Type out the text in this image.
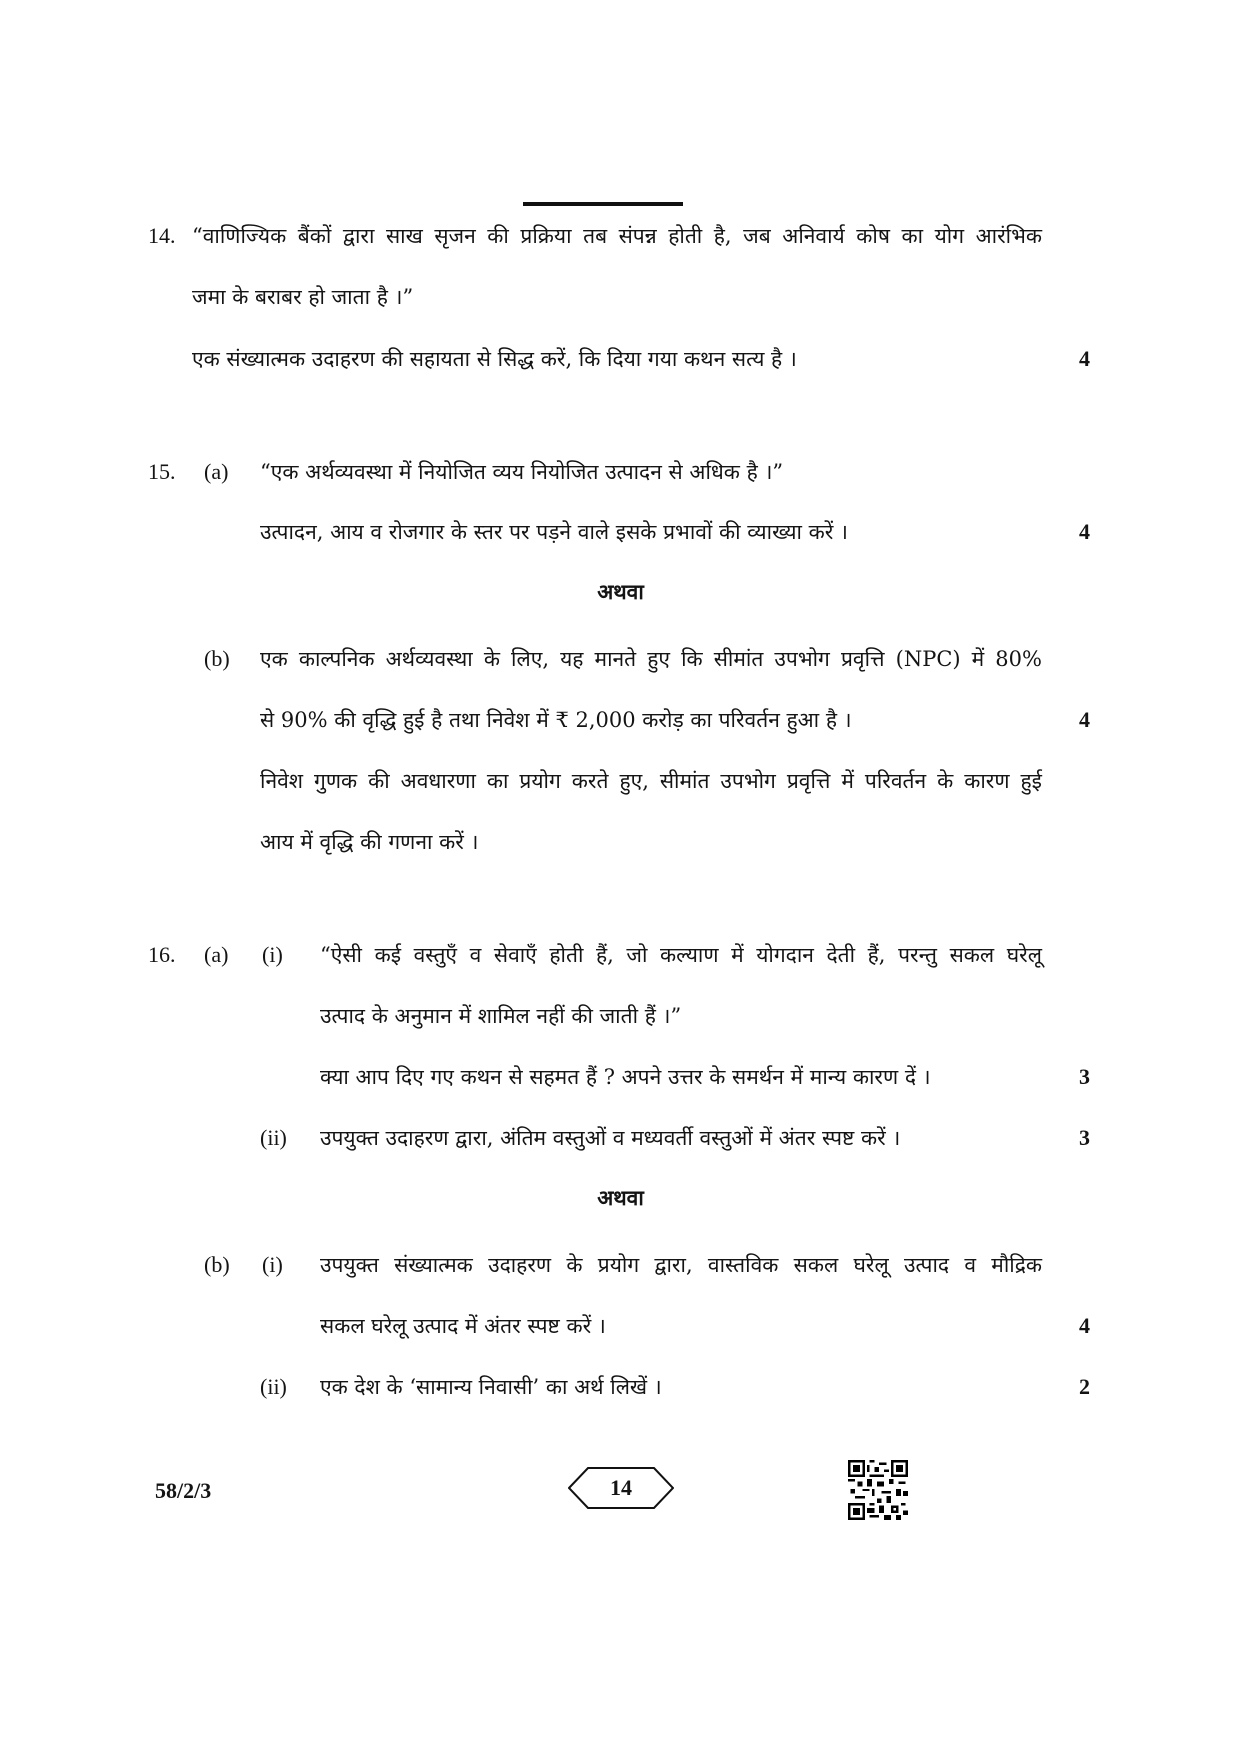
14. “वाणिज्यिक बैंकों द्वारा साख सृजन की प्रक्रिया तब संपन्न होती है, जब अनिवार्य कोष का योग आरंभिक
जमा के बराबर हो जाता है ।”
एक संख्यात्मक उदाहरण की सहायता से सिद्ध करें, कि दिया गया कथन सत्य है ।	4
15. (a) “एक अर्थव्यवस्था में नियोजित व्यय नियोजित उत्पादन से अधिक है ।”
उत्पादन, आय व रोजगार के स्तर पर पड़ने वाले इसके प्रभावों की व्याख्या करें ।	4
अथवा
(b) एक काल्पनिक अर्थव्यवस्था के लिए, यह मानते हुए कि सीमांत उपभोग प्रवृत्ति (NPC) में 80%
से 90% की वृद्धि हुई है तथा निवेश में ₹ 2,000 करोड़ का परिवर्तन हुआ है ।	4
निवेश गुणक की अवधारणा का प्रयोग करते हुए, सीमांत उपभोग प्रवृत्ति में परिवर्तन के कारण हुई
आय में वृद्धि की गणना करें ।
16. (a) (i) “ऐसी कई वस्तुएँ व सेवाएँ होती हैं, जो कल्याण में योगदान देती हैं, परन्तु सकल घरेलू
उत्पाद के अनुमान में शामिल नहीं की जाती हैं ।”
क्या आप दिए गए कथन से सहमत हैं ? अपने उत्तर के समर्थन में मान्य कारण दें ।	3
(ii) उपयुक्त उदाहरण द्वारा, अंतिम वस्तुओं व मध्यवर्ती वस्तुओं में अंतर स्पष्ट करें ।	3
अथवा
(b) (i) उपयुक्त संख्यात्मक उदाहरण के प्रयोग द्वारा, वास्तविक सकल घरेलू उत्पाद व मौद्रिक
सकल घरेलू उत्पाद में अंतर स्पष्ट करें ।	4
(ii) एक देश के ‘सामान्य निवासी’ का अर्थ लिखें ।	2
58/2/3	14
